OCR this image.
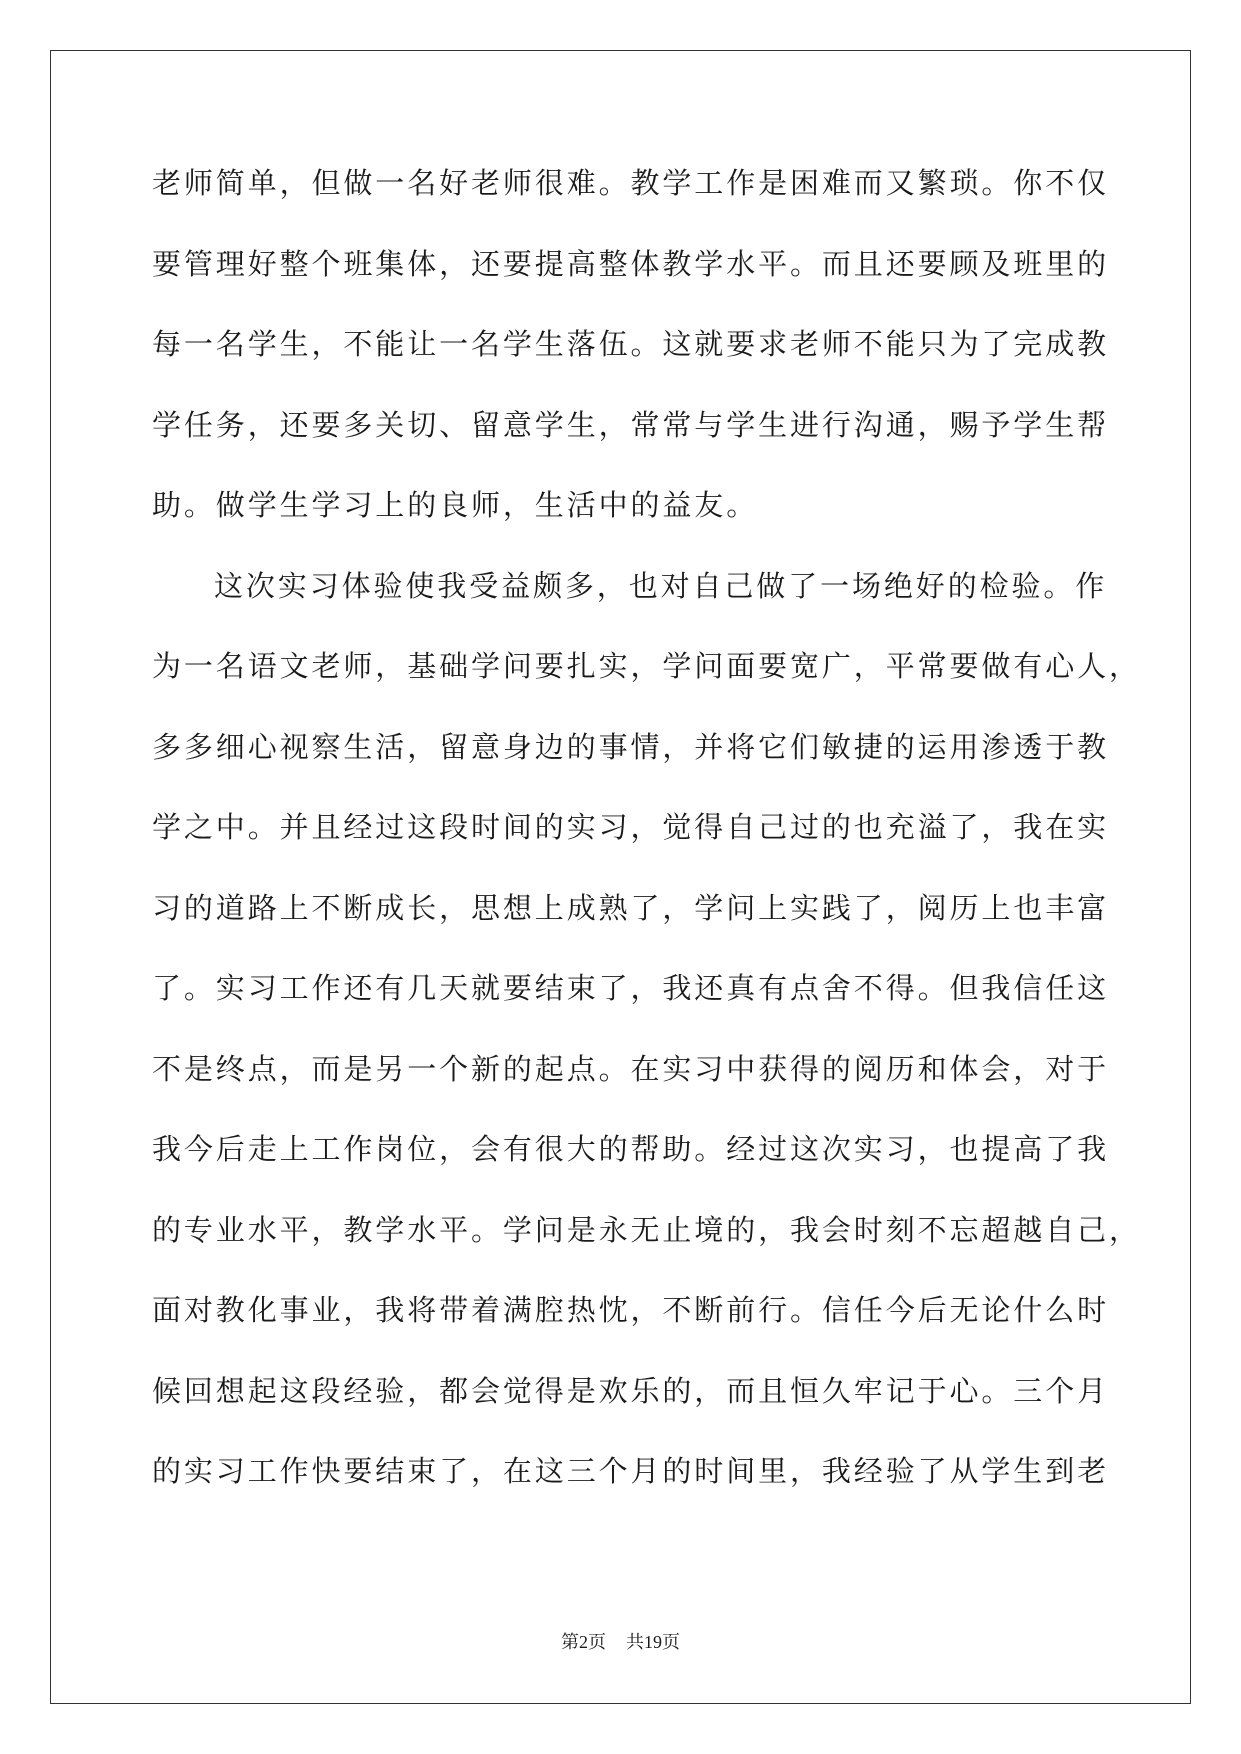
老师简单，但做一名好老师很难。教学工作是困难而又繁琐。你不仅
要管理好整个班集体，还要提高整体教学水平。而且还要顾及班里的
每一名学生，不能让一名学生落伍。这就要求老师不能只为了完成教
学任务，还要多关切、留意学生，常常与学生进行沟通，赐予学生帮
助。做学生学习上的良师，生活中的益友。
这次实习体验使我受益颇多，也对自己做了一场绝好的检验。作
为一名语文老师，基础学问要扎实，学问面要宽广，平常要做有心人，
多多细心视察生活，留意身边的事情，并将它们敏捷的运用渗透于教
学之中。并且经过这段时间的实习，觉得自己过的也充溢了，我在实
习的道路上不断成长，思想上成熟了，学问上实践了，阅历上也丰富
了。实习工作还有几天就要结束了，我还真有点舍不得。但我信任这
不是终点，而是另一个新的起点。在实习中获得的阅历和体会，对于
我今后走上工作岗位，会有很大的帮助。经过这次实习，也提高了我
的专业水平，教学水平。学问是永无止境的，我会时刻不忘超越自己，
面对教化事业，我将带着满腔热忱，不断前行。信任今后无论什么时
候回想起这段经验，都会觉得是欢乐的，而且恒久牢记于心。三个月
的实习工作快要结束了，在这三个月的时间里，我经验了从学生到老
第2页 共19页
